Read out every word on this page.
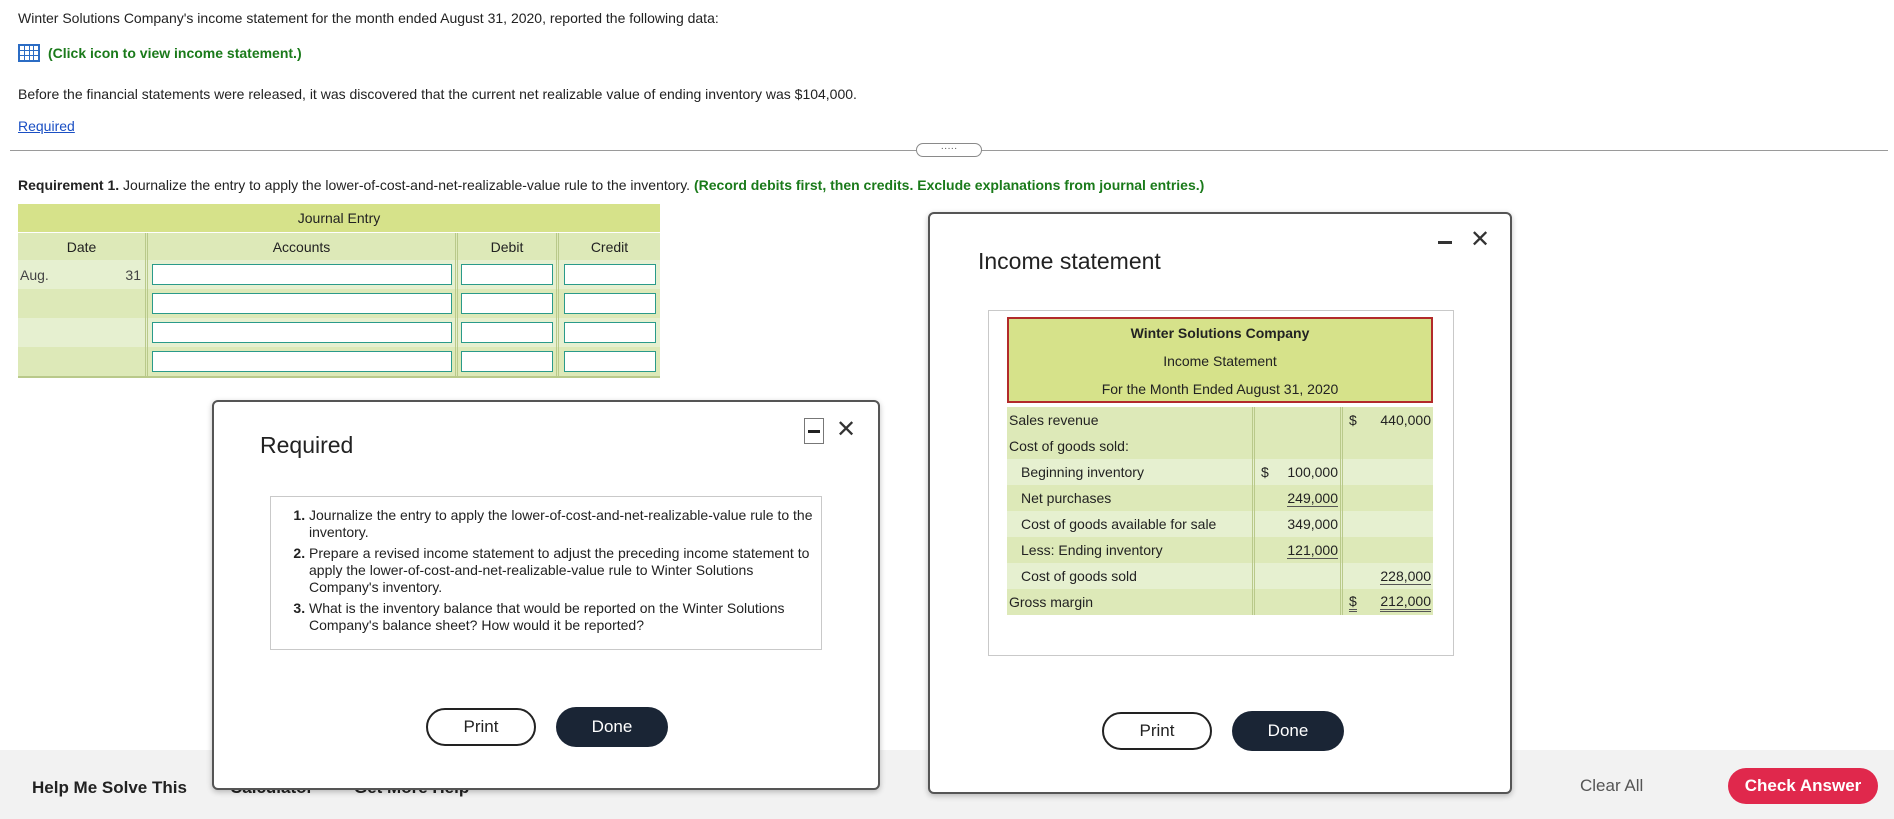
Winter Solutions Company's income statement for the month ended August 31, 2020, reported the following data:
(Click icon to view income statement.)
Before the financial statements were released, it was discovered that the current net realizable value of ending inventory was $104,000.
Required
·····
Requirement 1. Journalize the entry to apply the lower-of-cost-and-net-realizable-value rule to the inventory. (Record debits first, then credits. Exclude explanations from journal entries.)
Journal Entry
Date	Accounts	Debit	Credit
Aug.	31
Help Me Solve This	Clear All	Check Answer
Required
✕
1. Journalize the entry to apply the lower-of-cost-and-net-realizable-value rule to the inventory.
2. Prepare a revised income statement to adjust the preceding income statement to apply the lower-of-cost-and-net-realizable-value rule to Winter Solutions Company's inventory.
3. What is the inventory balance that would be reported on the Winter Solutions Company's balance sheet? How would it be reported?
Print	Done
Income statement
✕
Winter Solutions Company
Income Statement
For the Month Ended August 31, 2020
Sales revenue	$ 440,000
Cost of goods sold:
Beginning inventory	$ 100,000
Net purchases	249,000
Cost of goods available for sale	349,000
Less: Ending inventory	121,000
Cost of goods sold	228,000
Gross margin	$ 212,000
Print	Done
